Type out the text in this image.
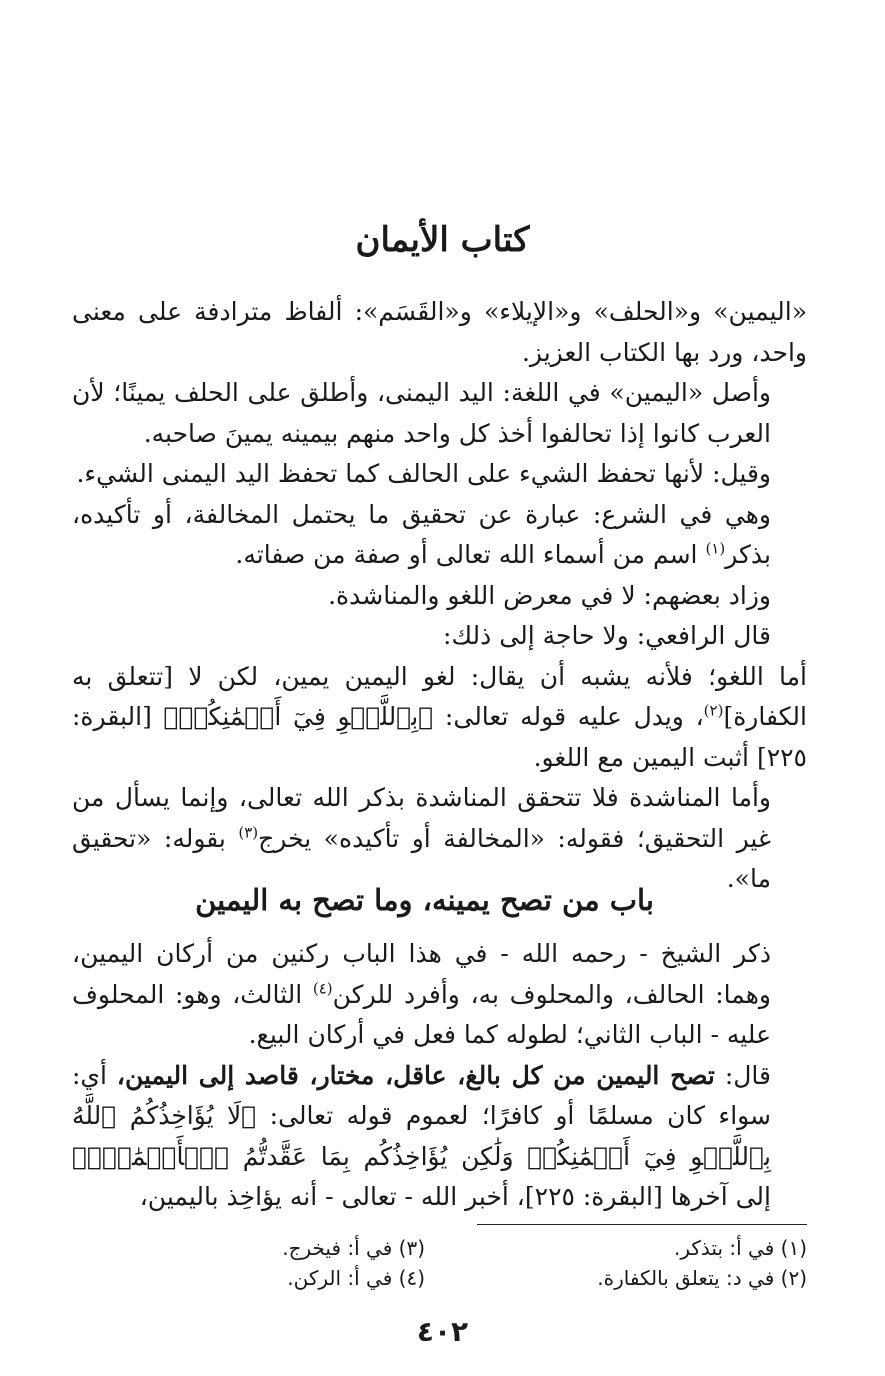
كتاب الأيمان

«اليمين» و«الحلف» و«الإيلاء» و«القَسَم»: ألفاظ مترادفة على معنى واحد، ورد بها الكتاب العزيز.

وأصل «اليمين» في اللغة: اليد اليمنى، وأطلق على الحلف يمينًا؛ لأن العرب كانوا إذا تحالفوا أخذ كل واحد منهم بيمينه يمينَ صاحبه.

وقيل: لأنها تحفظ الشيء على الحالف كما تحفظ اليد اليمنى الشيء.

وهي في الشرع: عبارة عن تحقيق ما يحتمل المخالفة، أو تأكيده، بذكر$^{(١)}$ اسم من أسماء الله تعالى أو صفة من صفاته.

وزاد بعضهم: لا في معرض اللغو والمناشدة.

قال الرافعي: ولا حاجة إلى ذلك:

أما اللغو؛ فلأنه يشبه أن يقال: لغو اليمين يمين، لكن لا [تتعلق به الكفارة]$^{(٢)}$، ويدل عليه قوله تعالى: ﴿بِٱللَّغۡوِ فِيٓ أَيۡمَٰنِكُمۡ﴾ [البقرة: ٢٢٥] أثبت اليمين مع اللغو.

وأما المناشدة فلا تتحقق المناشدة بذكر الله تعالى، وإنما يسأل من غير التحقيق؛ فقوله: «المخالفة أو تأكيده» يخرج$^{(٣)}$ بقوله: «تحقيق ما».

باب من تصح يمينه، وما تصح به اليمين

ذكر الشيخ - رحمه الله - في هذا الباب ركنين من أركان اليمين، وهما: الحالف، والمحلوف به، وأفرد للركن$^{(٤)}$ الثالث، وهو: المحلوف عليه - الباب الثاني؛ لطوله كما فعل في أركان البيع.

قال: تصح اليمين من كل بالغ، عاقل، مختار، قاصد إلى اليمين، أي: سواء كان مسلمًا أو كافرًا؛ لعموم قوله تعالى: ﴿لَا يُؤَاخِذُكُمُ ٱللَّهُ بِٱللَّغۡوِ فِيٓ أَيۡمَٰنِكُمۡ وَلَٰكِن يُؤَاخِذُكُم بِمَا عَقَّدتُّمُ ٱلۡأَيۡمَٰنَۖ﴾ إلى آخرها [البقرة: ٢٢٥]، أخبر الله - تعالى - أنه يؤاخِذ باليمين،

(١) في أ: بتذكر.
(٢) في د: يتعلق بالكفارة.
(٣) في أ: فيخرج.
(٤) في أ: الركن.
٤٠٢
